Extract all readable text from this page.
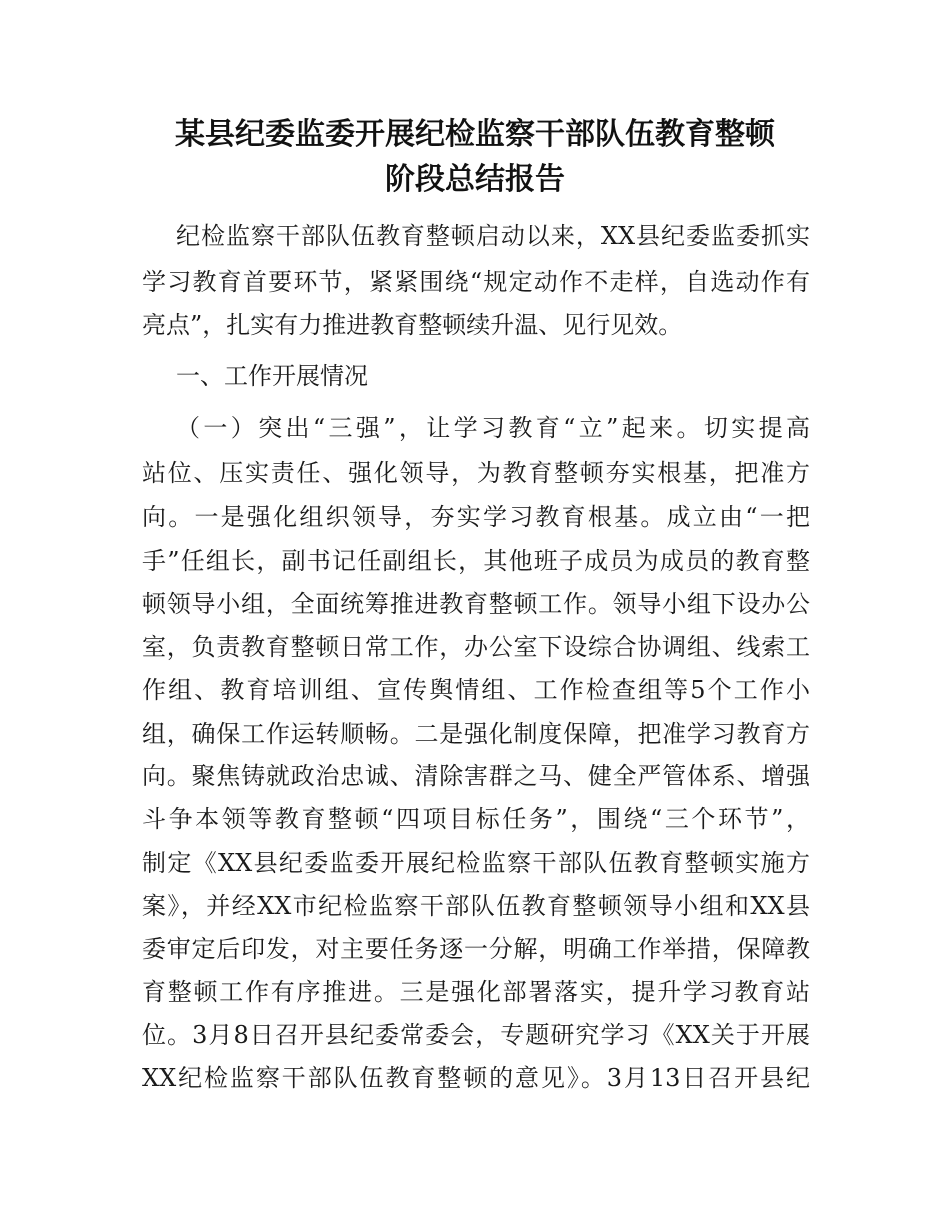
某县纪委监委开展纪检监察干部队伍教育整顿
阶段总结报告
纪检监察干部队伍教育整顿启动以来，XX县纪委监委抓实
学习教育首要环节，紧紧围绕“规定动作不走样，自选动作有
亮点”，扎实有力推进教育整顿续升温、见行见效。
一、工作开展情况
（一）突出“三强”，让学习教育“立”起来。切实提高
站位、压实责任、强化领导，为教育整顿夯实根基，把准方
向。一是强化组织领导，夯实学习教育根基。成立由“一把
手”任组长，副书记任副组长，其他班子成员为成员的教育整
顿领导小组，全面统筹推进教育整顿工作。领导小组下设办公
室，负责教育整顿日常工作，办公室下设综合协调组、线索工
作组、教育培训组、宣传舆情组、工作检查组等5个工作小
组，确保工作运转顺畅。二是强化制度保障，把准学习教育方
向。聚焦铸就政治忠诚、清除害群之马、健全严管体系、增强
斗争本领等教育整顿“四项目标任务”，围绕“三个环节”，
制定《XX县纪委监委开展纪检监察干部队伍教育整顿实施方
案》，并经XX市纪检监察干部队伍教育整顿领导小组和XX县
委审定后印发，对主要任务逐一分解，明确工作举措，保障教
育整顿工作有序推进。三是强化部署落实，提升学习教育站
位。3月8日召开县纪委常委会，专题研究学习《XX关于开展
XX纪检监察干部队伍教育整顿的意见》。3月13日召开县纪
